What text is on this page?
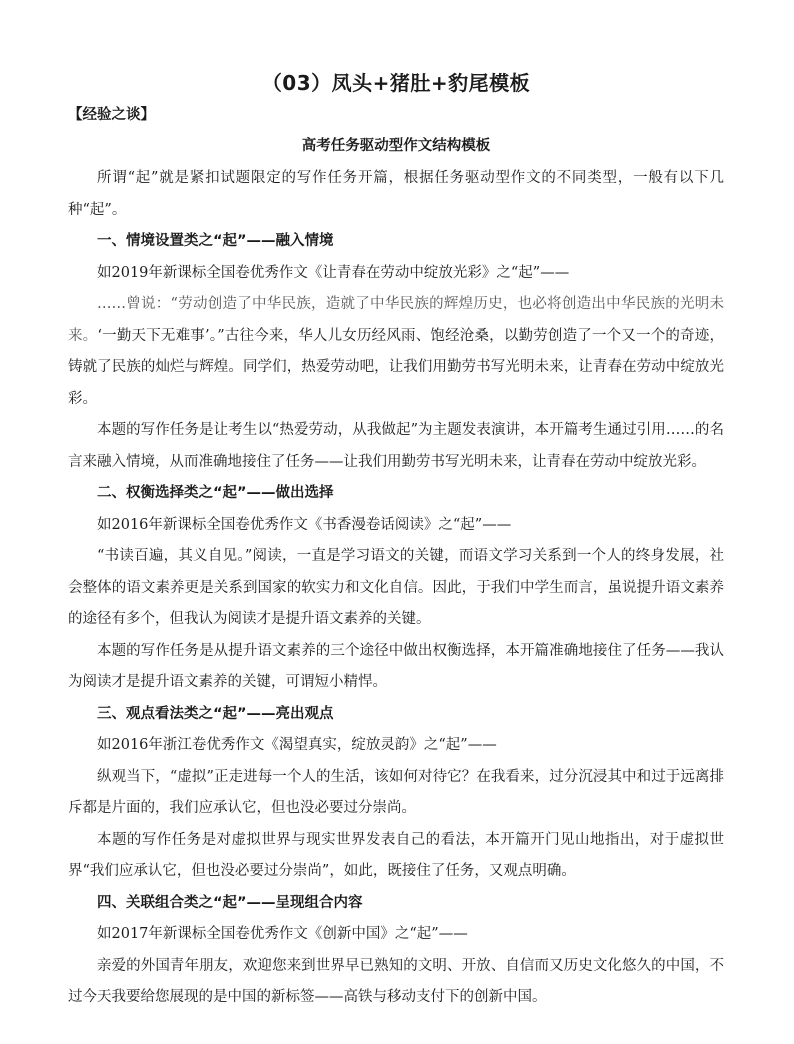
（03）凤头+猪肚+豹尾模板
【经验之谈】
高考任务驱动型作文结构模板

所谓“起”就是紧扣试题限定的写作任务开篇，根据任务驱动型作文的不同类型，一般有以下几种“起”。

一、情境设置类之“起”——融入情境

如2019年新课标全国卷优秀作文《让青春在劳动中绽放光彩》之“起”——

……曾说：“劳动创造了中华民族，造就了中华民族的辉煌历史，也必将创造出中华民族的光明未来。‘一勤天下无难事’。”古往今来，华人儿女历经风雨、饱经沧桑，以勤劳创造了一个又一个的奇迹，铸就了民族的灿烂与辉煌。同学们，热爱劳动吧，让我们用勤劳书写光明未来，让青春在劳动中绽放光彩。

本题的写作任务是让考生以“热爱劳动，从我做起”为主题发表演讲，本开篇考生通过引用……的名言来融入情境，从而准确地接住了任务——让我们用勤劳书写光明未来，让青春在劳动中绽放光彩。

二、权衡选择类之“起”——做出选择

如2016年新课标全国卷优秀作文《书香漫卷话阅读》之“起”——

“书读百遍，其义自见。”阅读，一直是学习语文的关键，而语文学习关系到一个人的终身发展，社会整体的语文素养更是关系到国家的软实力和文化自信。因此，于我们中学生而言，虽说提升语文素养的途径有多个，但我认为阅读才是提升语文素养的关键。

本题的写作任务是从提升语文素养的三个途径中做出权衡选择，本开篇准确地接住了任务——我认为阅读才是提升语文素养的关键，可谓短小精悍。

三、观点看法类之“起”——亮出观点

如2016年浙江卷优秀作文《渴望真实，绽放灵韵》之“起”——

纵观当下，“虚拟”正走进每一个人的生活，该如何对待它？在我看来，过分沉浸其中和过于远离排斥都是片面的，我们应承认它，但也没必要过分崇尚。

本题的写作任务是对虚拟世界与现实世界发表自己的看法，本开篇开门见山地指出，对于虚拟世界“我们应承认它，但也没必要过分崇尚”，如此，既接住了任务，又观点明确。

四、关联组合类之“起”——呈现组合内容

如2017年新课标全国卷优秀作文《创新中国》之“起”——

亲爱的外国青年朋友，欢迎您来到世界早已熟知的文明、开放、自信而又历史文化悠久的中国，不过今天我要给您展现的是中国的新标签——高铁与移动支付下的创新中国。
